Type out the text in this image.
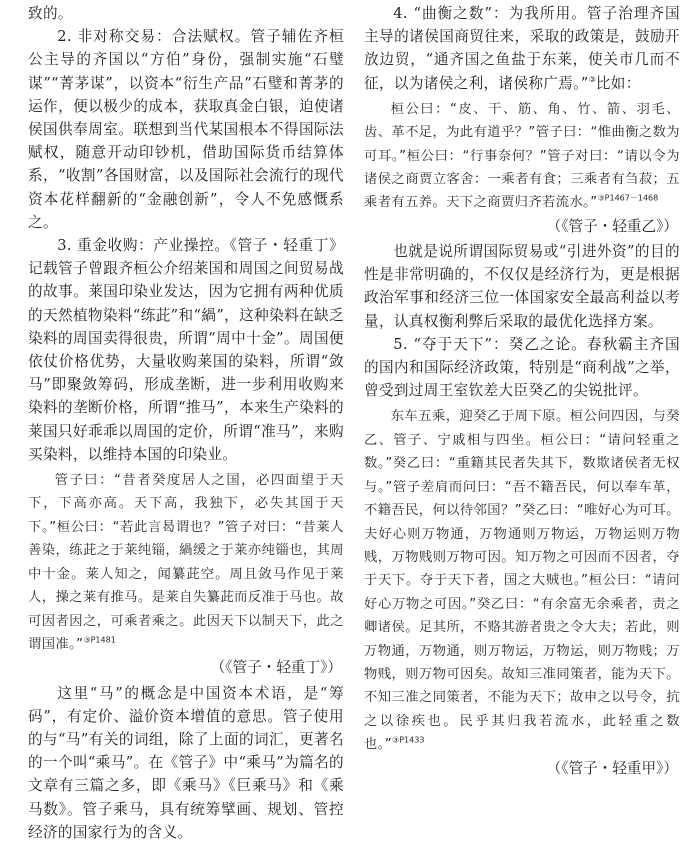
致的。

2. 非对称交易：合法赋权。管子辅佐齐桓公主导的齐国以“方伯”身份，强制实施“石璧谋”“菁茅谋”，以资本“衍生产品”石璧和菁茅的运作，便以极少的成本，获取真金白银，迫使诸侯国供奉周室。联想到当代某国根本不得国际法赋权，随意开动印钞机，借助国际货币结算体系，“收割”各国财富，以及国际社会流行的现代资本花样翻新的“金融创新”，令人不免感慨系之。

3. 重金收购：产业操控。《管子・轻重丁》记载管子曾跟齐桓公介绍莱国和周国之间贸易战的故事。莱国印染业发达，因为它拥有两种优质的天然植物染料“练茈”和“緺”，这种染料在缺乏染料的周国卖得很贵，所谓“周中十金”。周国便依仗价格优势，大量收购莱国的染料，所谓“敛马”即聚敛筹码，形成垄断，进一步利用收购来染料的垄断价格，所谓“推马”，本来生产染料的莱国只好乖乖以周国的定价，所谓“准马”，来购买染料，以维持本国的印染业。

管子曰：“昔者癸度居人之国，必四面望于天下，下高亦高。天下高，我独下，必失其国于天下。”桓公曰：“若此言曷谓也？”管子对曰：“昔莱人善染，练茈之于莱纯锱，緺缓之于莱亦纯锱也，其周中十金。莱人知之，闻纂茈空。周且敛马作见于莱人，操之莱有推马。是莱自失纂茈而反准于马也。故可因者因之，可乘者乘之。此因天下以制天下，此之谓国准。”$^{③P1481}$

（《管子・轻重丁》）

这里“马”的概念是中国资本术语，是“筹码”，有定价、溢价资本增值的意思。管子使用的与“马”有关的词组，除了上面的词汇，更著名的一个叫“乘马”。在《管子》中“乘马”为篇名的文章有三篇之多，即《乘马》《巨乘马》和《乘马数》。管子乘马，具有统筹擘画、规划、管控经济的国家行为的含义。

4. “曲衡之数”：为我所用。管子治理齐国主导的诸侯国商贸往来，采取的政策是，鼓励开放边贸，“通齐国之鱼盐于东莱，使关市几而不征，以为诸侯之利，诸侯称广焉。”③比如：

桓公曰：“皮、干、筋、角、竹、箭、羽毛、齿、革不足，为此有道乎？”管子曰：“惟曲衡之数为可耳。”桓公曰：“行事奈何？”管子对曰：“请以令为诸侯之商贾立客舍：一乘者有食；三乘者有刍菽；五乘者有五养。天下之商贾归齐若流水。”$^{③P1467-1468}$

（《管子・轻重乙》）

也就是说所谓国际贸易或“引进外资”的目的性是非常明确的，不仅仅是经济行为，更是根据政治军事和经济三位一体国家安全最高利益以考量，认真权衡利弊后采取的最优化选择方案。

5. “夺于天下”：癸乙之论。春秋霸主齐国的国内和国际经济政策，特别是“商利战”之举，曾受到过周王室钦差大臣癸乙的尖锐批评。

东车五乘，迎癸乙于周下原。桓公问四因，与癸乙、管子、宁戚相与四坐。桓公曰：“请问轻重之数。”癸乙曰：“重籍其民者失其下，数欺诸侯者无权与。”管子差肩而问曰：“吾不籍吾民，何以奉车革，不籍吾民，何以待邻国？”癸乙曰：“唯好心为可耳。夫好心则万物通，万物通则万物运，万物运则万物贱，万物贱则万物可因。知万物之可因而不因者，夺于天下。夺于天下者，国之大贼也。”桓公曰：“请问好心万物之可因。”癸乙曰：“有余富无余乘者，责之卿诸侯。足其所，不赂其游者贵之令大夫；若此，则万物通，万物通，则万物运，万物运，则万物贱；万物贱，则万物可因矣。故知三准同策者，能为天下。不知三准之同策者，不能为天下；故申之以号令，抗之以徐疾也。民乎其归我若流水，此轻重之数也。”$^{③P1433}$

（《管子・轻重甲》）
